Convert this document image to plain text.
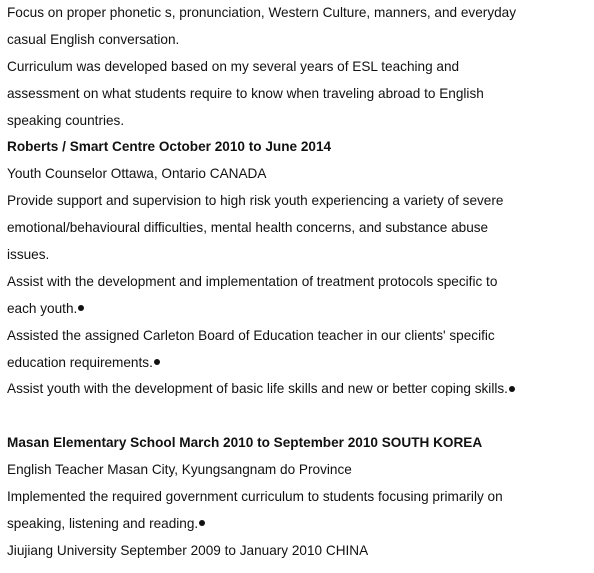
Focus on proper phonetic s, pronunciation, Western Culture, manners, and everyday
casual English conversation.
Curriculum was developed based on my several years of ESL teaching and
assessment on what students require to know when traveling abroad to English
speaking countries.
Roberts / Smart Centre October 2010 to June 2014
Youth Counselor Ottawa, Ontario CANADA
Provide support and supervision to high risk youth experiencing a variety of severe
emotional/behavioural difficulties, mental health concerns, and substance abuse
issues.
Assist with the development and implementation of treatment protocols specific to
each youth.
Assisted the assigned Carleton Board of Education teacher in our clients' specific
education requirements.
Assist youth with the development of basic life skills and new or better coping skills.
Masan Elementary School March 2010 to September 2010 SOUTH KOREA
English Teacher Masan City, Kyungsangnam do Province
Implemented the required government curriculum to students focusing primarily on
speaking, listening and reading.
Jiujiang University September 2009 to January 2010 CHINA
